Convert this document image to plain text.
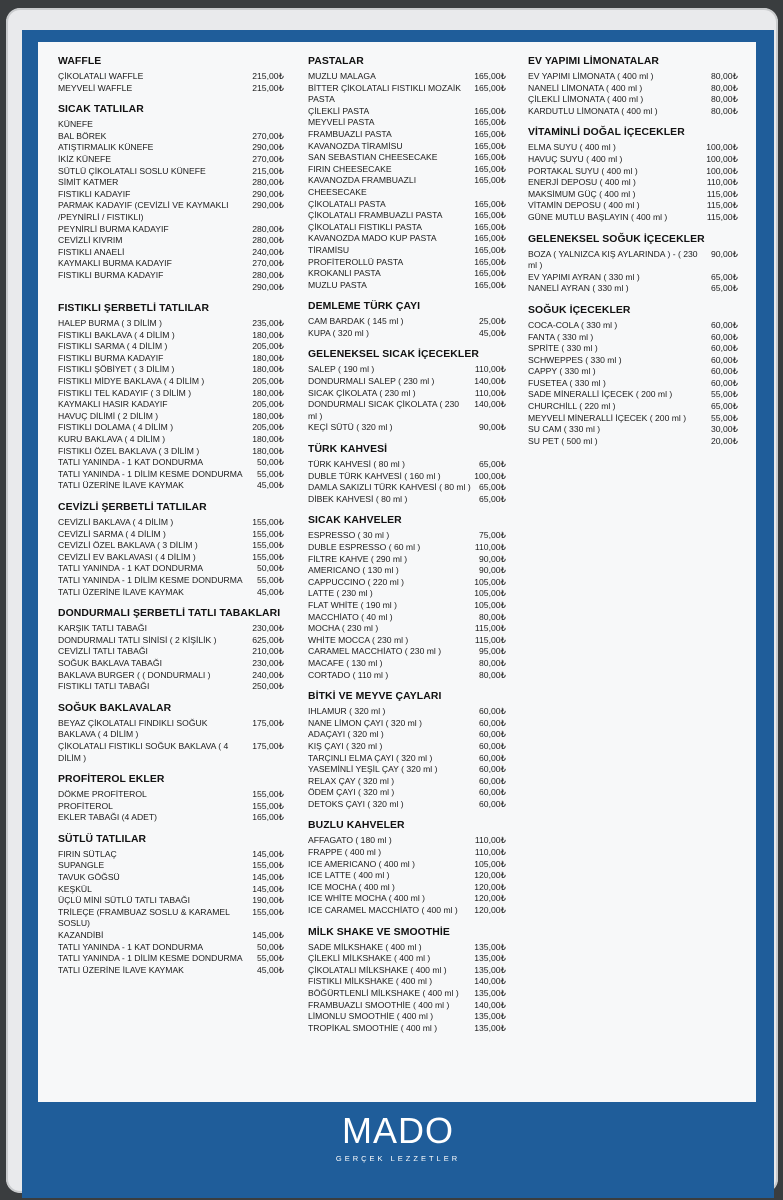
WAFFLE
ÇİKOLATALI WAFFLE	215,00₺
MEYVELİ WAFFLE	215,00₺
SICAK TATLILAR
KÜNEFE
BAL BÖREK	270,00₺
ATIŞTIRMALIK KÜNEFE	290,00₺
İKİZ KÜNEFE	270,00₺
SÜTLÜ ÇİKOLATALI SOSLU KÜNEFE	215,00₺
SİMİT KATMER	280,00₺
FISTIKLI KADAYIF	290,00₺
PARMAK KADAYIF (CEVİZLİ VE KAYMAKLI /PEYNİRLİ / FISTIKLI)
290,00₺
PEYNİRLİ BURMA KADAYIF	280,00₺
CEVİZLİ KIVRIM	280,00₺
FISTIKLI ANAELİ	240,00₺
KAYMAKLI BURMA KADAYIF	270,00₺
FISTIKLI BURMA KADAYIF	280,00₺
290,00₺
FISTIKLI ŞERBETLİ TATLILAR
HALEP BURMA ( 3 DİLİM )	235,00₺
FISTIKLI BAKLAVA ( 4 DİLİM )	180,00₺
FISTIKLI SARMA ( 4 DİLİM )	205,00₺
FISTIKLI BURMA KADAYIF	180,00₺
FISTIKLI ŞÖBİYET ( 3 DİLİM )	180,00₺
FISTIKLI MİDYE BAKLAVA ( 4 DİLİM )	205,00₺
FISTIKLI TEL KADAYIF ( 3 DİLİM )	180,00₺
KAYMAKLI HASIR KADAYIF	205,00₺
HAVUÇ DİLİMİ ( 2 DİLİM )	180,00₺
FISTIKLI DOLAMA ( 4 DİLİM )	205,00₺
KURU BAKLAVA ( 4 DİLİM )	180,00₺
FISTIKLI ÖZEL BAKLAVA ( 3 DİLİM )	180,00₺
TATLI YANINDA - 1 KAT DONDURMA	50,00₺
TATLI YANINDA - 1 DİLİM KESME DONDURMA	55,00₺
TATLI ÜZERİNE İLAVE KAYMAK	45,00₺
CEVİZLİ ŞERBETLİ TATLILAR
CEVİZLİ BAKLAVA ( 4 DİLİM )	155,00₺
CEVİZLİ SARMA ( 4 DİLİM )	155,00₺
CEVİZLİ ÖZEL BAKLAVA ( 3 DİLİM )	155,00₺
CEVİZLİ EV BAKLAVASI ( 4 DİLİM )	155,00₺
TATLI YANINDA - 1 KAT DONDURMA	50,00₺
TATLI YANINDA - 1 DİLİM KESME DONDURMA	55,00₺
TATLI ÜZERİNE İLAVE KAYMAK	45,00₺
DONDURMALI ŞERBETLİ TATLI TABAKLARI
KARŞIK TATLI TABAĞI	230,00₺
DONDURMALI TATLI SİNİSİ ( 2 KİŞİLİK )	625,00₺
CEVİZLİ TATLI TABAĞI	210,00₺
SOĞUK BAKLAVA TABAĞI	230,00₺
BAKLAVA BURGER ( ( DONDURMALI )	240,00₺
FISTIKLI TATLI TABAĞI	250,00₺
SOĞUK BAKLAVALAR
BEYAZ ÇİKOLATALI FINDIKLI SOĞUK BAKLAVA ( 4 DİLİM )
175,00₺
ÇİKOLATALI FISTIKLI SOĞUK BAKLAVA ( 4 DİLİM )
175,00₺
PROFİTEROL EKLER
DÖKME PROFİTEROL	155,00₺
PROFİTEROL	155,00₺
EKLER TABAĞI (4 ADET)	165,00₺
SÜTLÜ TATLILAR
FIRIN SÜTLAÇ	145,00₺
SUPANGLE	155,00₺
TAVUK GÖĞSÜ	145,00₺
KEŞKÜL	145,00₺
ÜÇLÜ MİNİ SÜTLÜ TATLI TABAĞI	190,00₺
TRİLEÇE (FRAMBUAZ SOSLU & KARAMEL SOSLU)
155,00₺
KAZANDİBİ	145,00₺
TATLI YANINDA - 1 KAT DONDURMA	50,00₺
TATLI YANINDA - 1 DİLİM KESME DONDURMA	55,00₺
TATLI ÜZERİNE İLAVE KAYMAK	45,00₺
PASTALAR
MUZLU MALAGA	165,00₺
BİTTER ÇİKOLATALI FISTIKLI MOZAİK PASTA
165,00₺
ÇİLEKLİ PASTA	165,00₺
MEYVELİ PASTA	165,00₺
FRAMBUAZLI PASTA	165,00₺
KAVANOZDA TİRAMİSU	165,00₺
SAN SEBASTIAN CHEESECAKE	165,00₺
FIRIN CHEESECAKE	165,00₺
KAVANOZDA FRAMBUAZLI CHEESECAKE
165,00₺
ÇİKOLATALI PASTA	165,00₺
ÇİKOLATALI FRAMBUAZLI PASTA	165,00₺
ÇİKOLATALI FISTIKLI PASTA	165,00₺
KAVANOZDA MADO KUP PASTA	165,00₺
TİRAMİSU	165,00₺
PROFİTEROLLÜ PASTA	165,00₺
KROKANLI PASTA	165,00₺
MUZLU PASTA	165,00₺
DEMLEME TÜRK ÇAYI
CAM BARDAK ( 145 ml )	25,00₺
KUPA ( 320 ml )	45,00₺
GELENEKSEL SICAK İÇECEKLER
SALEP ( 190 ml )	110,00₺
DONDURMALI SALEP ( 230 ml )	140,00₺
SICAK ÇİKOLATA ( 230 ml )	110,00₺
DONDURMALI SICAK ÇİKOLATA ( 230 ml )
140,00₺
KEÇİ SÜTÜ ( 320 ml )	90,00₺
TÜRK KAHVESİ
TÜRK KAHVESİ ( 80 ml )	65,00₺
DUBLE TÜRK KAHVESİ ( 160 ml )	100,00₺
DAMLA SAKIZLI TÜRK KAHVESİ ( 80 ml ) 65,00₺
DİBEK KAHVESİ ( 80 ml )	65,00₺
SICAK KAHVELER
ESPRESSO ( 30 ml )	75,00₺
DUBLE ESPRESSO ( 60 ml )	110,00₺
FİLTRE KAHVE ( 290 ml )	90,00₺
AMERICANO ( 130 ml )	90,00₺
CAPPUCCINO ( 220 ml )	105,00₺
LATTE ( 230 ml )	105,00₺
FLAT WHİTE ( 190 ml )	105,00₺
MACCHİATO ( 40 ml )	80,00₺
MOCHA ( 230 ml )	115,00₺
WHİTE MOCCA ( 230 ml )	115,00₺
CARAMEL MACCHİATO ( 230 ml )	95,00₺
MACAFE ( 130 ml )	80,00₺
CORTADO ( 110 ml )	80,00₺
BİTKİ VE MEYVE ÇAYLARI
IHLAMUR ( 320 ml )	60,00₺
NANE LİMON ÇAYI ( 320 ml )	60,00₺
ADAÇAYI ( 320 ml )	60,00₺
KIŞ ÇAYI ( 320 ml )	60,00₺
TARÇINLI ELMA ÇAYI ( 320 ml )	60,00₺
YASEMİNLİ YEŞİL ÇAY ( 320 ml )	60,00₺
RELAX ÇAY ( 320 ml )	60,00₺
ÖDEM ÇAYI ( 320 ml )	60,00₺
DETOKS ÇAYI ( 320 ml )	60,00₺
BUZLU KAHVELER
AFFAGATO ( 180 ml )	110,00₺
FRAPPE ( 400 ml )	110,00₺
ICE AMERICANO ( 400 ml )	105,00₺
ICE LATTE ( 400 ml )	120,00₺
ICE MOCHA ( 400 ml )	120,00₺
ICE WHİTE MOCHA ( 400 ml )	120,00₺
ICE CARAMEL MACCHİATO ( 400 ml )	120,00₺
MİLK SHAKE VE SMOOTHİE
SADE MİLKSHAKE ( 400 ml )	135,00₺
ÇİLEKLİ MİLKSHAKE ( 400 ml )	135,00₺
ÇİKOLATALI MİLKSHAKE ( 400 ml )	135,00₺
FISTIKLI MİLKSHAKE ( 400 ml )	140,00₺
BÖĞÜRTLENLİ MİLKSHAKE ( 400 ml )	135,00₺
FRAMBUAZLI SMOOTHİE ( 400 ml )	140,00₺
LİMONLU SMOOTHİE ( 400 ml )	135,00₺
TROPİKAL SMOOTHİE ( 400 ml )	135,00₺
EV YAPIMI LİMONATALAR
EV YAPIMI LİMONATA ( 400 ml )	80,00₺
NANELİ LİMONATA ( 400 ml )	80,00₺
ÇİLEKLİ LİMONATA ( 400 ml )	80,00₺
KARDUTLU LİMONATA ( 400 ml )	80,00₺
VİTAMİNLİ DOĞAL İÇECEKLER
ELMA SUYU ( 400 ml )	100,00₺
HAVUÇ SUYU ( 400 ml )	100,00₺
PORTAKAL SUYU ( 400 ml )	100,00₺
ENERJİ DEPOSU ( 400 ml )	110,00₺
MAKSİMUM GÜÇ ( 400 ml )	115,00₺
VİTAMİN DEPOSU ( 400 ml )	115,00₺
GÜNE MUTLU BAŞLAYIN ( 400 ml )	115,00₺
GELENEKSEL SOĞUK İÇECEKLER
BOZA ( YALNIZCA KIŞ AYLARINDA ) - ( 230 ml )
90,00₺
EV YAPIMI AYRAN ( 330 ml )	65,00₺
NANELİ AYRAN ( 330 ml )	65,00₺
SOĞUK İÇECEKLER
COCA-COLA ( 330 ml )	60,00₺
FANTA ( 330 ml )	60,00₺
SPRİTE ( 330 ml )	60,00₺
SCHWEPPES ( 330 ml )	60,00₺
CAPPY ( 330 ml )	60,00₺
FUSETEA ( 330 ml )	60,00₺
SADE MİNERALLİ İÇECEK ( 200 ml )	55,00₺
CHURCHİLL ( 220 ml )	65,00₺
MEYVELİ MİNERALLİ İÇECEK ( 200 ml )	55,00₺
SU CAM ( 330 ml )	30,00₺
SU PET ( 500 ml )	20,00₺
MADO
GERÇEK LEZZETLER
